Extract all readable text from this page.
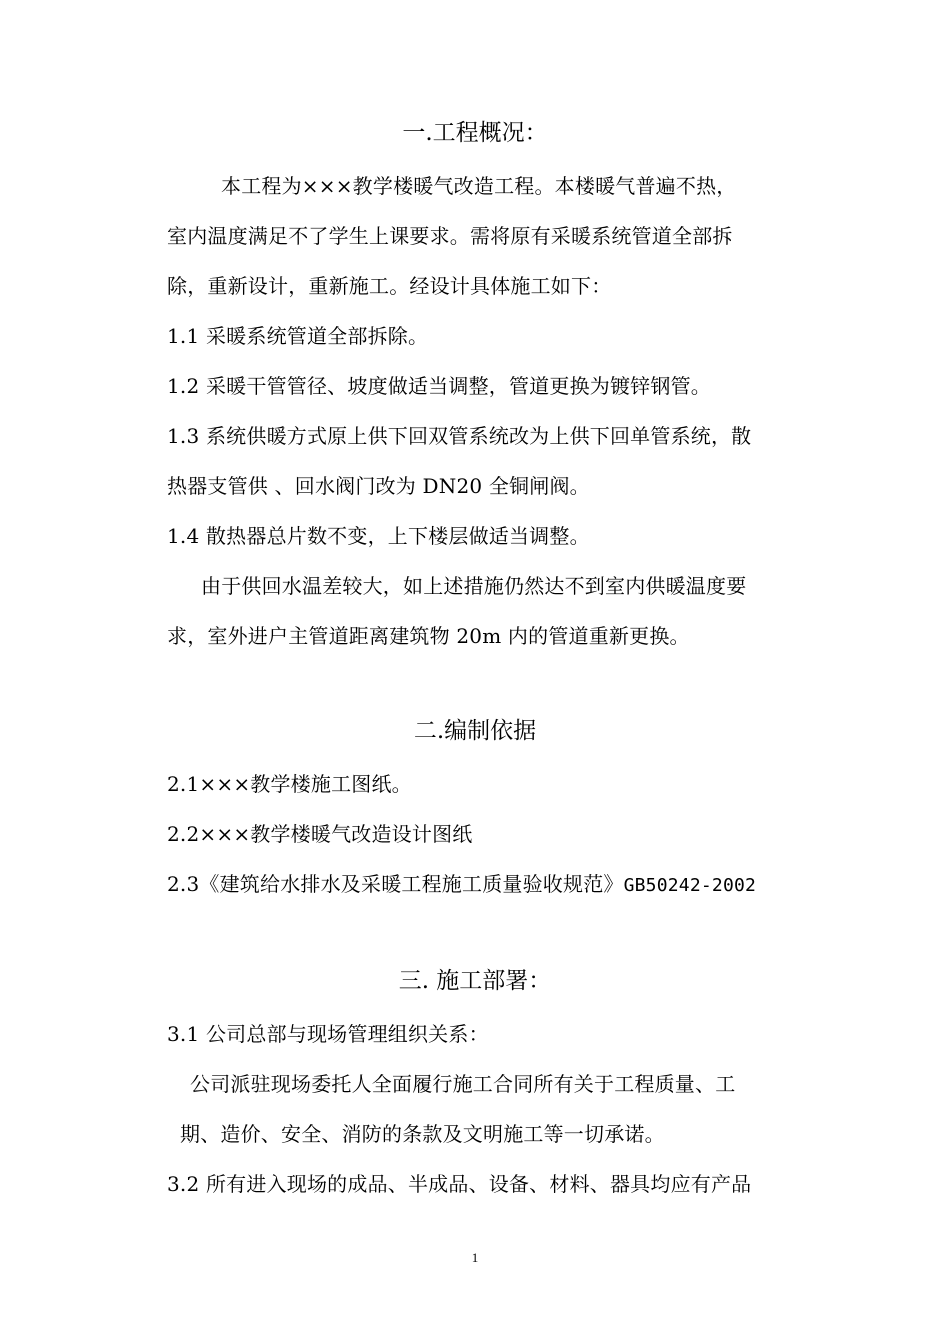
一.工程概况：
本工程为×××教学楼暖气改造工程。本楼暖气普遍不热，
室内温度满足不了学生上课要求。需将原有采暖系统管道全部拆
除，重新设计，重新施工。经设计具体施工如下：
1.1 采暖系统管道全部拆除。
1.2 采暖干管管径、坡度做适当调整，管道更换为镀锌钢管。
1.3 系统供暖方式原上供下回双管系统改为上供下回单管系统，散
热器支管供 、回水阀门改为 DN20 全铜闸阀。
1.4 散热器总片数不变，上下楼层做适当调整。
由于供回水温差较大，如上述措施仍然达不到室内供暖温度要
求，室外进户主管道距离建筑物 20m 内的管道重新更换。
二.编制依据
2.1×××教学楼施工图纸。
2.2×××教学楼暖气改造设计图纸
2.3《建筑给水排水及采暖工程施工质量验收规范》GB50242-2002
三. 施工部署：
3.1 公司总部与现场管理组织关系：
公司派驻现场委托人全面履行施工合同所有关于工程质量、工
期、造价、安全、消防的条款及文明施工等一切承诺。
3.2 所有进入现场的成品、半成品、设备、材料、器具均应有产品
1
